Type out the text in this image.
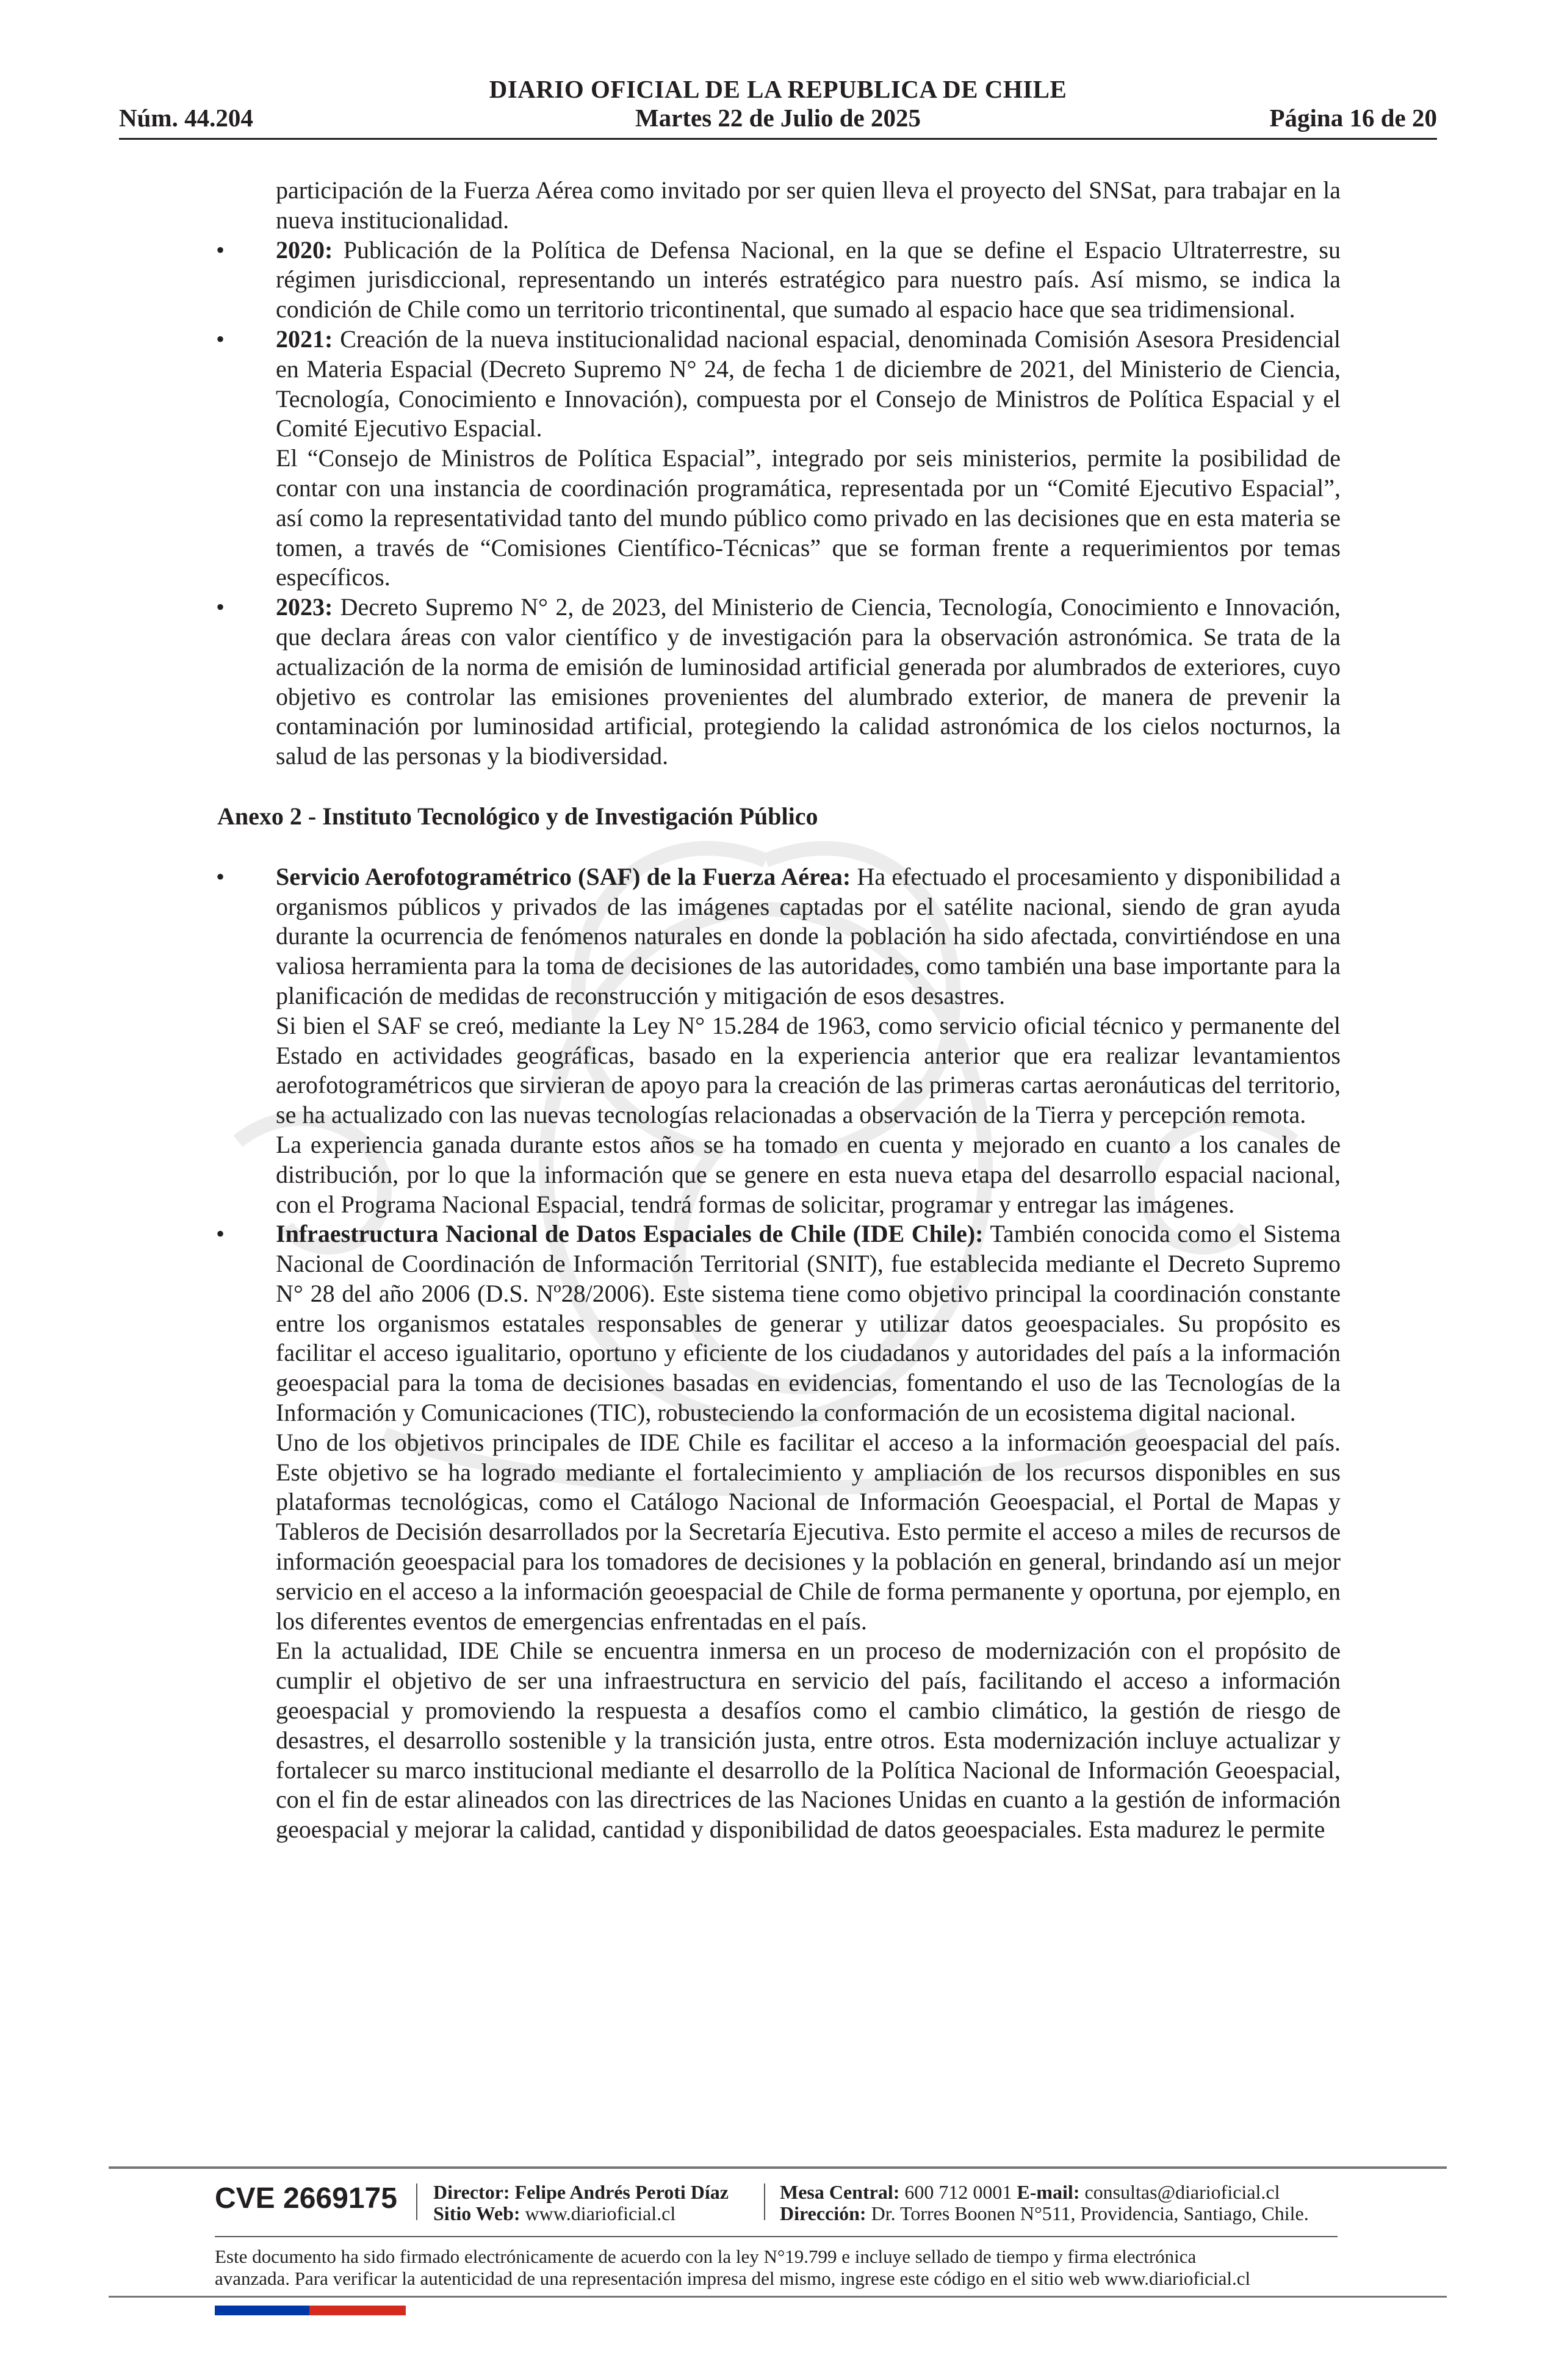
DIARIO OFICIAL DE LA REPUBLICA DE CHILE
Núm. 44.204	Martes 22 de Julio de 2025	Página 16 de 20

participación de la Fuerza Aérea como invitado por ser quien lleva el proyecto del SNSat, para trabajar en la nueva institucionalidad.

• 2020: Publicación de la Política de Defensa Nacional, en la que se define el Espacio Ultraterrestre, su régimen jurisdiccional, representando un interés estratégico para nuestro país. Así mismo, se indica la condición de Chile como un territorio tricontinental, que sumado al espacio hace que sea tridimensional.

• 2021: Creación de la nueva institucionalidad nacional espacial, denominada Comisión Asesora Presidencial en Materia Espacial (Decreto Supremo N° 24, de fecha 1 de diciembre de 2021, del Ministerio de Ciencia, Tecnología, Conocimiento e Innovación), compuesta por el Consejo de Ministros de Política Espacial y el Comité Ejecutivo Espacial.

El “Consejo de Ministros de Política Espacial”, integrado por seis ministerios, permite la posibilidad de contar con una instancia de coordinación programática, representada por un “Comité Ejecutivo Espacial”, así como la representatividad tanto del mundo público como privado en las decisiones que en esta materia se tomen, a través de “Comisiones Científico-Técnicas” que se forman frente a requerimientos por temas específicos.

• 2023: Decreto Supremo N° 2, de 2023, del Ministerio de Ciencia, Tecnología, Conocimiento e Innovación, que declara áreas con valor científico y de investigación para la observación astronómica. Se trata de la actualización de la norma de emisión de luminosidad artificial generada por alumbrados de exteriores, cuyo objetivo es controlar las emisiones provenientes del alumbrado exterior, de manera de prevenir la contaminación por luminosidad artificial, protegiendo la calidad astronómica de los cielos nocturnos, la salud de las personas y la biodiversidad.

Anexo 2 - Instituto Tecnológico y de Investigación Público

• Servicio Aerofotogramétrico (SAF) de la Fuerza Aérea: Ha efectuado el procesamiento y disponibilidad a organismos públicos y privados de las imágenes captadas por el satélite nacional, siendo de gran ayuda durante la ocurrencia de fenómenos naturales en donde la población ha sido afectada, convirtiéndose en una valiosa herramienta para la toma de decisiones de las autoridades, como también una base importante para la planificación de medidas de reconstrucción y mitigación de esos desastres.

Si bien el SAF se creó, mediante la Ley N° 15.284 de 1963, como servicio oficial técnico y permanente del Estado en actividades geográficas, basado en la experiencia anterior que era realizar levantamientos aerofotogramétricos que sirvieran de apoyo para la creación de las primeras cartas aeronáuticas del territorio, se ha actualizado con las nuevas tecnologías relacionadas a observación de la Tierra y percepción remota.

La experiencia ganada durante estos años se ha tomado en cuenta y mejorado en cuanto a los canales de distribución, por lo que la información que se genere en esta nueva etapa del desarrollo espacial nacional, con el Programa Nacional Espacial, tendrá formas de solicitar, programar y entregar las imágenes.

• Infraestructura Nacional de Datos Espaciales de Chile (IDE Chile): También conocida como el Sistema Nacional de Coordinación de Información Territorial (SNIT), fue establecida mediante el Decreto Supremo N° 28 del año 2006 (D.S. Nº28/2006). Este sistema tiene como objetivo principal la coordinación constante entre los organismos estatales responsables de generar y utilizar datos geoespaciales. Su propósito es facilitar el acceso igualitario, oportuno y eficiente de los ciudadanos y autoridades del país a la información geoespacial para la toma de decisiones basadas en evidencias, fomentando el uso de las Tecnologías de la Información y Comunicaciones (TIC), robusteciendo la conformación de un ecosistema digital nacional.

Uno de los objetivos principales de IDE Chile es facilitar el acceso a la información geoespacial del país. Este objetivo se ha logrado mediante el fortalecimiento y ampliación de los recursos disponibles en sus plataformas tecnológicas, como el Catálogo Nacional de Información Geoespacial, el Portal de Mapas y Tableros de Decisión desarrollados por la Secretaría Ejecutiva. Esto permite el acceso a miles de recursos de información geoespacial para los tomadores de decisiones y la población en general, brindando así un mejor servicio en el acceso a la información geoespacial de Chile de forma permanente y oportuna, por ejemplo, en los diferentes eventos de emergencias enfrentadas en el país.

En la actualidad, IDE Chile se encuentra inmersa en un proceso de modernización con el propósito de cumplir el objetivo de ser una infraestructura en servicio del país, facilitando el acceso a información geoespacial y promoviendo la respuesta a desafíos como el cambio climático, la gestión de riesgo de desastres, el desarrollo sostenible y la transición justa, entre otros. Esta modernización incluye actualizar y fortalecer su marco institucional mediante el desarrollo de la Política Nacional de Información Geoespacial, con el fin de estar alineados con las directrices de las Naciones Unidas en cuanto a la gestión de información geoespacial y mejorar la calidad, cantidad y disponibilidad de datos geoespaciales. Esta madurez le permite

CVE 2669175 Director: Felipe Andrés Peroti Díaz
Sitio Web: www.diarioficial.cl
Mesa Central: 600 712 0001 E-mail: consultas@diarioficial.cl
Dirección: Dr. Torres Boonen N°511, Providencia, Santiago, Chile.
Este documento ha sido firmado electrónicamente de acuerdo con la ley N°19.799 e incluye sellado de tiempo y firma electrónica
avanzada. Para verificar la autenticidad de una representación impresa del mismo, ingrese este código en el sitio web www.diarioficial.cl
